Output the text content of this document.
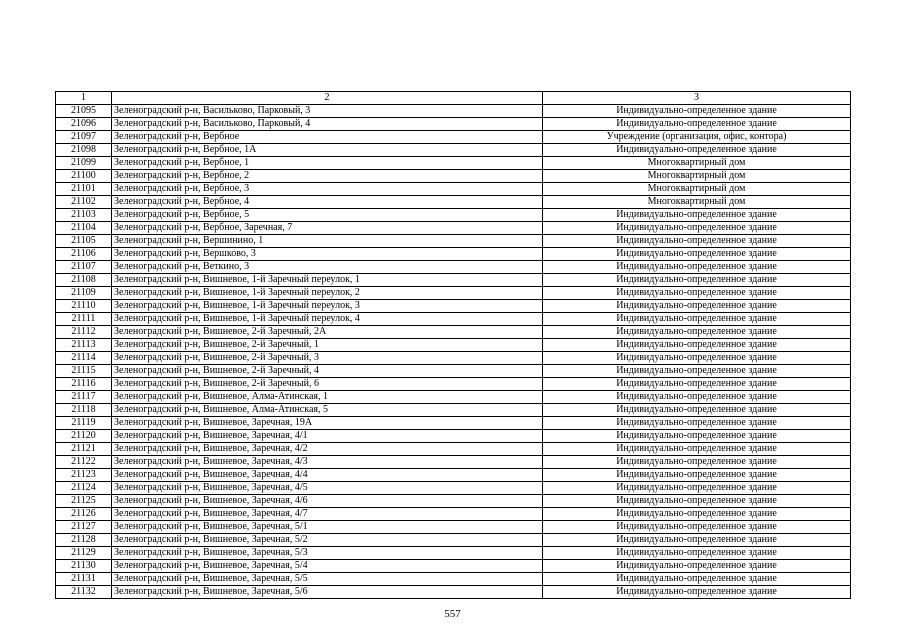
1	2	3
21095	Зеленоградский р-н, Васильково, Парковый, 3	Индивидуально-определенное здание
21096	Зеленоградский р-н, Васильково, Парковый, 4	Индивидуально-определенное здание
21097	Зеленоградский р-н, Вербное	Учреждение (организация, офис, контора)
21098	Зеленоградский р-н, Вербное, 1А	Индивидуально-определенное здание
21099	Зеленоградский р-н, Вербное, 1	Многоквартирный дом
21100	Зеленоградский р-н, Вербное, 2	Многоквартирный дом
21101	Зеленоградский р-н, Вербное, 3	Многоквартирный дом
21102	Зеленоградский р-н, Вербное, 4	Многоквартирный дом
21103	Зеленоградский р-н, Вербное, 5	Индивидуально-определенное здание
21104	Зеленоградский р-н, Вербное, Заречная, 7	Индивидуально-определенное здание
21105	Зеленоградский р-н, Вершинино, 1	Индивидуально-определенное здание
21106	Зеленоградский р-н, Вершково, 3	Индивидуально-определенное здание
21107	Зеленоградский р-н, Веткино, 3	Индивидуально-определенное здание
21108	Зеленоградский р-н, Вишневое, 1-й Заречный переулок, 1	Индивидуально-определенное здание
21109	Зеленоградский р-н, Вишневое, 1-й Заречный переулок, 2	Индивидуально-определенное здание
21110	Зеленоградский р-н, Вишневое, 1-й Заречный переулок, 3	Индивидуально-определенное здание
21111	Зеленоградский р-н, Вишневое, 1-й Заречный переулок, 4	Индивидуально-определенное здание
21112	Зеленоградский р-н, Вишневое, 2-й Заречный, 2А	Индивидуально-определенное здание
21113	Зеленоградский р-н, Вишневое, 2-й Заречный, 1	Индивидуально-определенное здание
21114	Зеленоградский р-н, Вишневое, 2-й Заречный, 3	Индивидуально-определенное здание
21115	Зеленоградский р-н, Вишневое, 2-й Заречный, 4	Индивидуально-определенное здание
21116	Зеленоградский р-н, Вишневое, 2-й Заречный, 6	Индивидуально-определенное здание
21117	Зеленоградский р-н, Вишневое, Алма-Атинская, 1	Индивидуально-определенное здание
21118	Зеленоградский р-н, Вишневое, Алма-Атинская, 5	Индивидуально-определенное здание
21119	Зеленоградский р-н, Вишневое, Заречная, 19А	Индивидуально-определенное здание
21120	Зеленоградский р-н, Вишневое, Заречная, 4/1	Индивидуально-определенное здание
21121	Зеленоградский р-н, Вишневое, Заречная, 4/2	Индивидуально-определенное здание
21122	Зеленоградский р-н, Вишневое, Заречная, 4/3	Индивидуально-определенное здание
21123	Зеленоградский р-н, Вишневое, Заречная, 4/4	Индивидуально-определенное здание
21124	Зеленоградский р-н, Вишневое, Заречная, 4/5	Индивидуально-определенное здание
21125	Зеленоградский р-н, Вишневое, Заречная, 4/6	Индивидуально-определенное здание
21126	Зеленоградский р-н, Вишневое, Заречная, 4/7	Индивидуально-определенное здание
21127	Зеленоградский р-н, Вишневое, Заречная, 5/1	Индивидуально-определенное здание
21128	Зеленоградский р-н, Вишневое, Заречная, 5/2	Индивидуально-определенное здание
21129	Зеленоградский р-н, Вишневое, Заречная, 5/3	Индивидуально-определенное здание
21130	Зеленоградский р-н, Вишневое, Заречная, 5/4	Индивидуально-определенное здание
21131	Зеленоградский р-н, Вишневое, Заречная, 5/5	Индивидуально-определенное здание
21132	Зеленоградский р-н, Вишневое, Заречная, 5/6	Индивидуально-определенное здание
557
